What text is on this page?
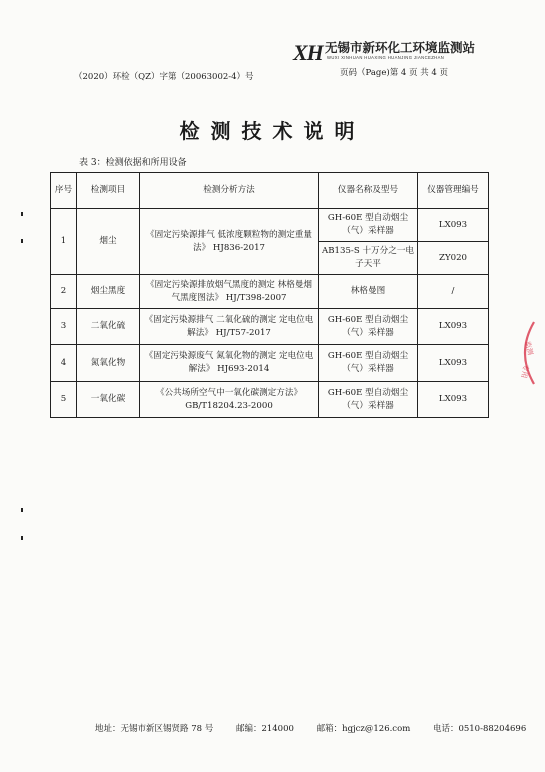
XH 无锡市新环化工环境监测站
WUXI XINHUAN HUAXING HUANJING JIANCEZHAN
（2020）环检（QZ）字第（20063002-4）号	页码（Page)第 4 页 共 4 页
检测技术说明
表 3：检测依据和所用设备
序号	检测项目	检测分析方法	仪器名称及型号	仪器管理编号
1	烟尘	《固定污染源排气 低浓度颗粒物的测定重量法》 HJ836-2017	GH-60E 型自动烟尘（气）采样器	LX093
			AB135-S 十万分之一电子天平	ZY020
2	烟尘黑度	《固定污染源排放烟气黑度的测定 林格曼烟气黑度图法》 HJ/T398-2007	林格曼图	/
3	二氧化硫	《固定污染源排气 二氧化硫的测定 定电位电解法》 HJ/T57-2017	GH-60E 型自动烟尘（气）采样器	LX093
4	氮氧化物	《固定污染源废气 氮氧化物的测定 定电位电解法》 HJ693-2014	GH-60E 型自动烟尘（气）采样器	LX093
5	一氧化碳	《公共场所空气中一氧化碳测定方法》 GB/T18204.23-2000	GH-60E 型自动烟尘（气）采样器	LX093
监测
专用
地址：无锡市新区锡贤路 78 号	邮编：214000	邮箱：hgjcz@126.com	电话：0510-88204696
